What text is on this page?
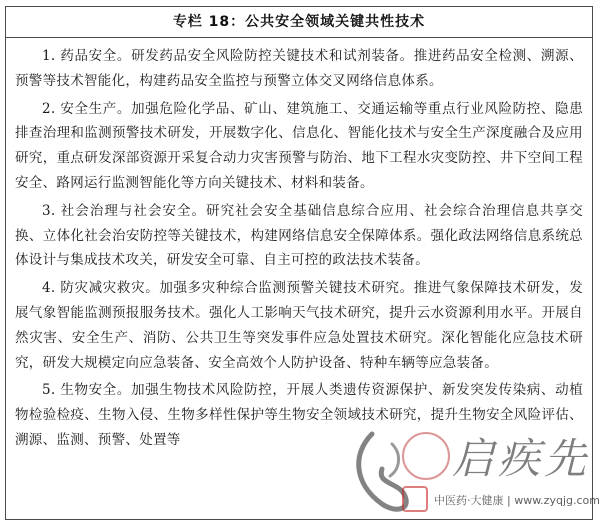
专栏 18：公共安全领域关键共性技术

1. 药品安全。研发药品安全风险防控关键技术和试剂装备。推进药品安全检测、溯源、预警等技术智能化，构建药品安全监控与预警立体交叉网络信息体系。

2. 安全生产。加强危险化学品、矿山、建筑施工、交通运输等重点行业风险防控、隐患排查治理和监测预警技术研发，开展数字化、信息化、智能化技术与安全生产深度融合及应用研究，重点研发深部资源开采复合动力灾害预警与防治、地下工程水灾变防控、井下空间工程安全、路网运行监测智能化等方向关键技术、材料和装备。

3. 社会治理与社会安全。研究社会安全基础信息综合应用、社会综合治理信息共享交换、立体化社会治安防控等关键技术，构建网络信息安全保障体系。强化政法网络信息系统总体设计与集成技术攻关，研发安全可靠、自主可控的政法技术装备。

4. 防灾减灾救灾。加强多灾种综合监测预警关键技术研究。推进气象保障技术研发，发展气象智能监测预报服务技术。强化人工影响天气技术研究，提升云水资源利用水平。开展自然灾害、安全生产、消防、公共卫生等突发事件应急处置技术研究。深化智能化应急技术研究，研发大规模定向应急装备、安全高效个人防护设备、特种车辆等应急装备。

5. 生物安全。加强生物技术风险防控，开展人类遗传资源保护、新发突发传染病、动植物检验检疫、生物入侵、生物多样性保护等生物安全领域技术研究，提升生物安全风险评估、溯源、监测、预警、处置等	启疾先
中医药·大健康 | www.zyqjg.com
